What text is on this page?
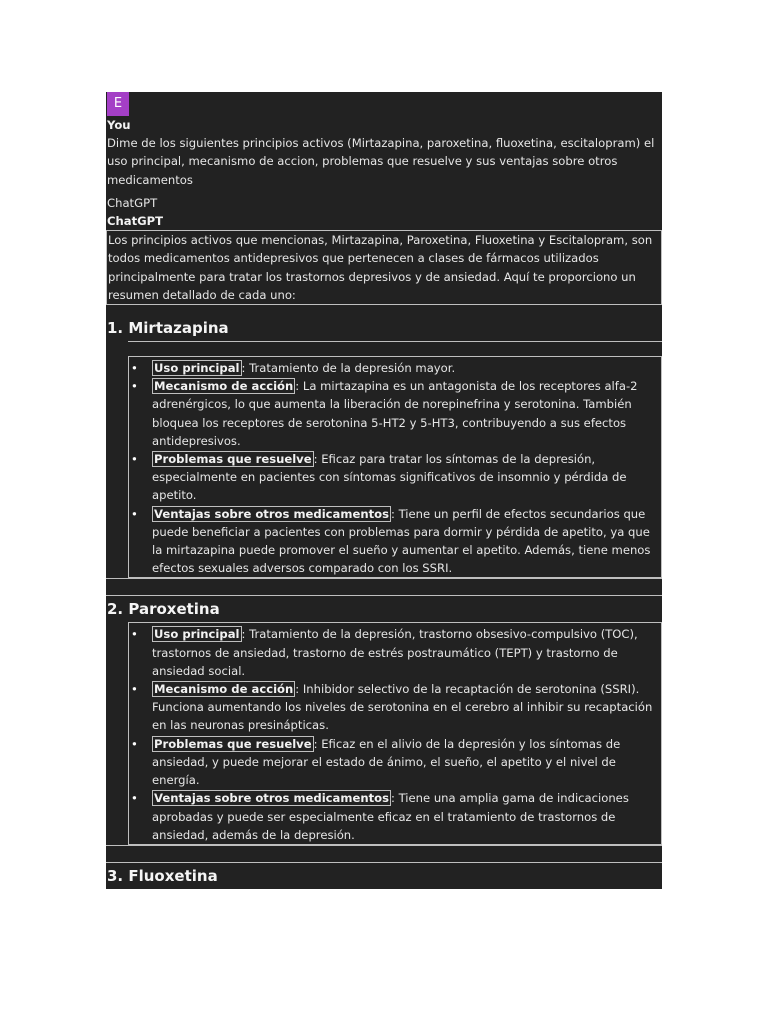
E
You
Dime de los siguientes principios activos (Mirtazapina, paroxetina, fluoxetina, escitalopram) el uso principal, mecanismo de accion, problemas que resuelve y sus ventajas sobre otros medicamentos
ChatGPT
ChatGPT
Los principios activos que mencionas, Mirtazapina, Paroxetina, Fluoxetina y Escitalopram, son todos medicamentos antidepresivos que pertenecen a clases de fármacos utilizados principalmente para tratar los trastornos depresivos y de ansiedad. Aquí te proporciono un resumen detallado de cada uno:
1. Mirtazapina
• Uso principal : Tratamiento de la depresión mayor.
• Mecanismo de acción : La mirtazapina es un antagonista de los receptores alfa-2 adrenérgicos, lo que aumenta la liberación de norepinefrina y serotonina. También bloquea los receptores de serotonina 5-HT2 y 5-HT3, contribuyendo a sus efectos antidepresivos.
• Problemas que resuelve : Eficaz para tratar los síntomas de la depresión, especialmente en pacientes con síntomas significativos de insomnio y pérdida de apetito.
• Ventajas sobre otros medicamentos : Tiene un perfil de efectos secundarios que puede beneficiar a pacientes con problemas para dormir y pérdida de apetito, ya que la mirtazapina puede promover el sueño y aumentar el apetito. Además, tiene menos efectos sexuales adversos comparado con los SSRI.
2. Paroxetina
• Uso principal : Tratamiento de la depresión, trastorno obsesivo-compulsivo (TOC), trastornos de ansiedad, trastorno de estrés postraumático (TEPT) y trastorno de ansiedad social.
• Mecanismo de acción : Inhibidor selectivo de la recaptación de serotonina (SSRI). Funciona aumentando los niveles de serotonina en el cerebro al inhibir su recaptación en las neuronas presinápticas.
• Problemas que resuelve : Eficaz en el alivio de la depresión y los síntomas de ansiedad, y puede mejorar el estado de ánimo, el sueño, el apetito y el nivel de energía.
• Ventajas sobre otros medicamentos : Tiene una amplia gama de indicaciones aprobadas y puede ser especialmente eficaz en el tratamiento de trastornos de ansiedad, además de la depresión.
3. Fluoxetina
